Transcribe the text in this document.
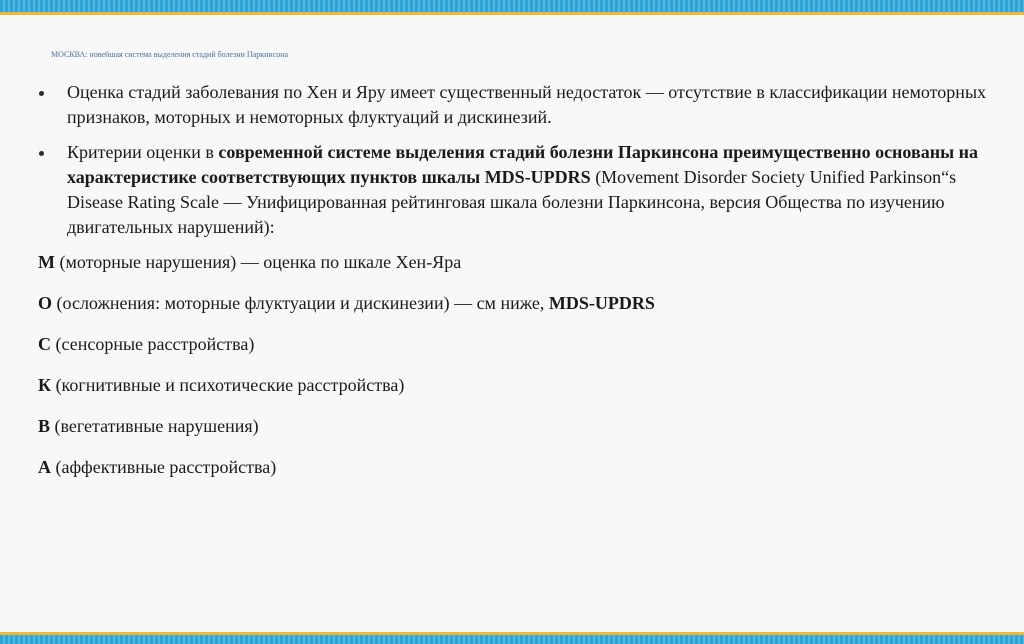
МОСКВА: новейшая система выделения стадий болезни Паркинсона
Оценка стадий заболевания по Хен и Яру имеет существенный недостаток — отсутствие в классификации немоторных признаков, моторных и немоторных флуктуаций и дискинезий.
Критерии оценки в современной системе выделения стадий болезни Паркинсона преимущественно основаны на характеристике соответствующих пунктов шкалы MDS-UPDRS (Movement Disorder Society Unified Parkinson“s Disease Rating Scale — Унифицированная рейтинговая шкала болезни Паркинсона, версия Общества по изучению двигательных нарушений):
М (моторные нарушения) — оценка по шкале Хен-Яра
О (осложнения: моторные флуктуации и дискинезии) — см ниже, MDS-UPDRS
С (сенсорные расстройства)
К (когнитивные и психотические расстройства)
В (вегетативные нарушения)
А (аффективные расстройства)
